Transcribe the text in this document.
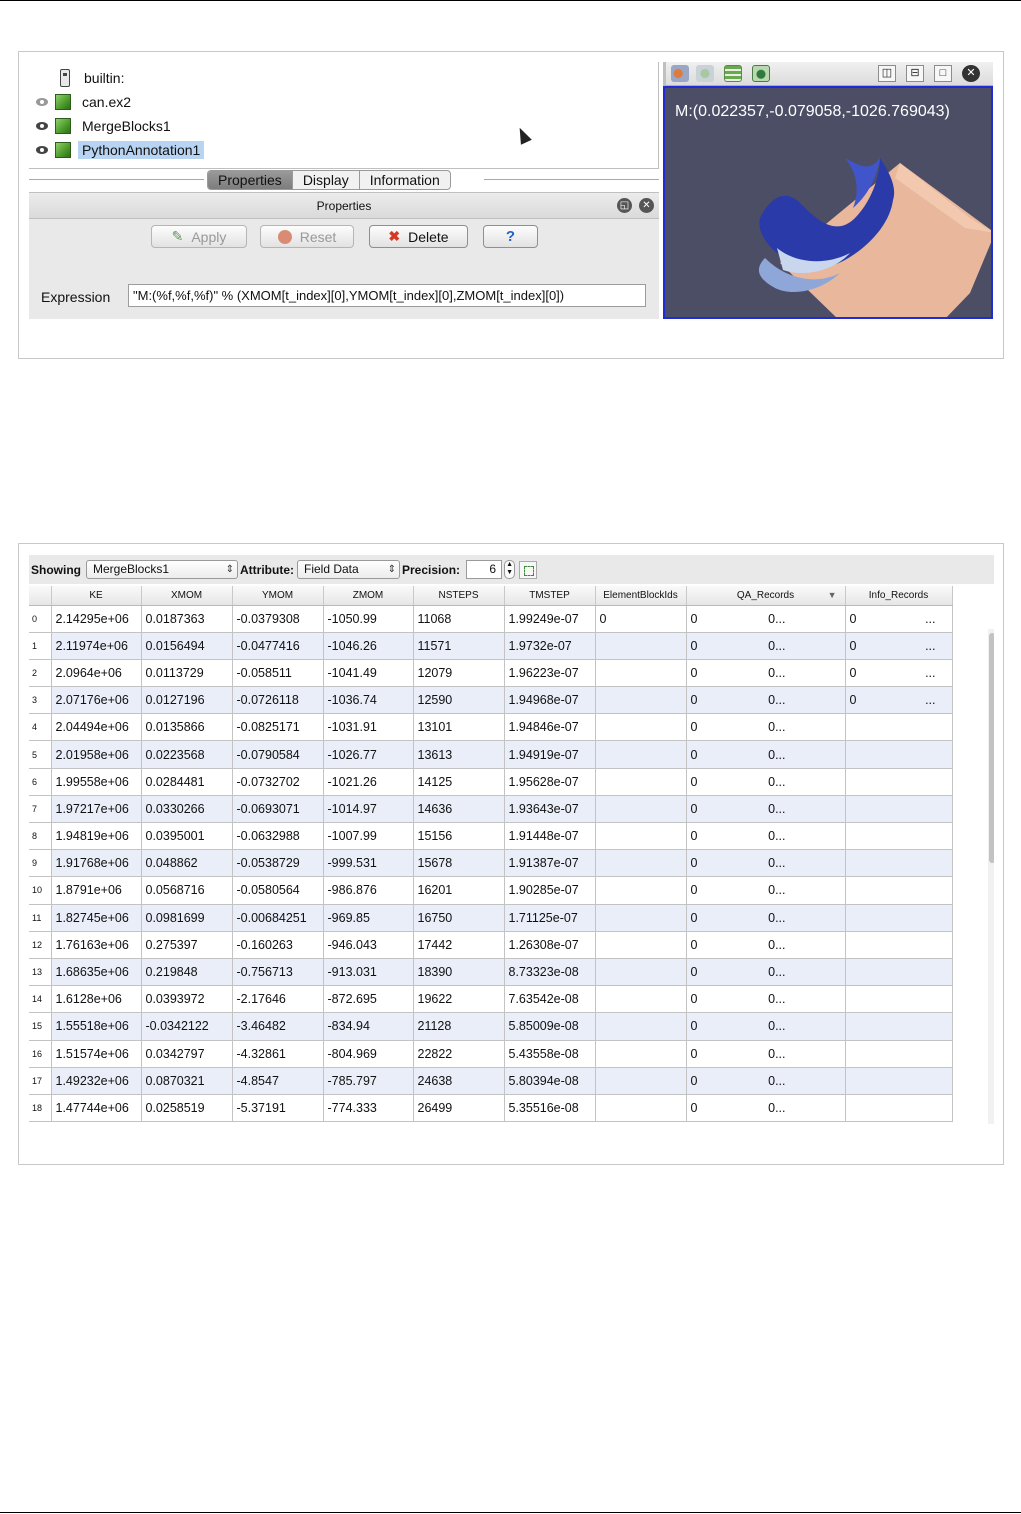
builtin:
can.ex2
MergeBlocks1
PythonAnnotation1
Properties	Display	Information
Properties	◱	✕
✎ Apply	Reset	✖ Delete	?
Expression	"M:(%f,%f,%f)" % (XMOM[t_index][0],YMOM[t_index][0],ZMOM[t_index][0])
◫	⊟	□	✕
M:(0.022357,-0.079058,-1026.769043)
Showing	MergeBlocks1 ⇕	Attribute: Field Data ⇕	Precision:	6	▲
▼
	KE	XMOM	YMOM	ZMOM	NSTEPS	TMSTEP	ElementBlockIds	QA_Records ▼	Info_Records
0	2.14295e+06	0.0187363	-0.0379308	-1050.99	11068	1.99249e-07	0	0 0...	0 ...

1	2.11974e+06	0.0156494	-0.0477416	-1046.26	11571	1.9732e-07		0 0...	0 ...

2	2.0964e+06	0.0113729	-0.058511	-1041.49	12079	1.96223e-07		0 0...	0 ...

3	2.07176e+06	0.0127196	-0.0726118	-1036.74	12590	1.94968e-07		0 0...	0 ...

4	2.04494e+06	0.0135866	-0.0825171	-1031.91	13101	1.94846e-07		0 0...	

5	2.01958e+06	0.0223568	-0.0790584	-1026.77	13613	1.94919e-07		0 0...	

6	1.99558e+06	0.0284481	-0.0732702	-1021.26	14125	1.95628e-07		0 0...	

7	1.97217e+06	0.0330266	-0.0693071	-1014.97	14636	1.93643e-07		0 0...	

8	1.94819e+06	0.0395001	-0.0632988	-1007.99	15156	1.91448e-07		0 0...	

9	1.91768e+06	0.048862	-0.0538729	-999.531	15678	1.91387e-07		0 0...	

10	1.8791e+06	0.0568716	-0.0580564	-986.876	16201	1.90285e-07		0 0...	

11	1.82745e+06	0.0981699	-0.00684251	-969.85	16750	1.71125e-07		0 0...	

12	1.76163e+06	0.275397	-0.160263	-946.043	17442	1.26308e-07		0 0...	

13	1.68635e+06	0.219848	-0.756713	-913.031	18390	8.73323e-08		0 0...	

14	1.6128e+06	0.0393972	-2.17646	-872.695	19622	7.63542e-08		0 0...	

15	1.55518e+06	-0.0342122	-3.46482	-834.94	21128	5.85009e-08		0 0...	

16	1.51574e+06	0.0342797	-4.32861	-804.969	22822	5.43558e-08		0 0...	

17	1.49232e+06	0.0870321	-4.8547	-785.797	24638	5.80394e-08		0 0...	

18	1.47744e+06	0.0258519	-5.37191	-774.333	26499	5.35516e-08		0 0...	
